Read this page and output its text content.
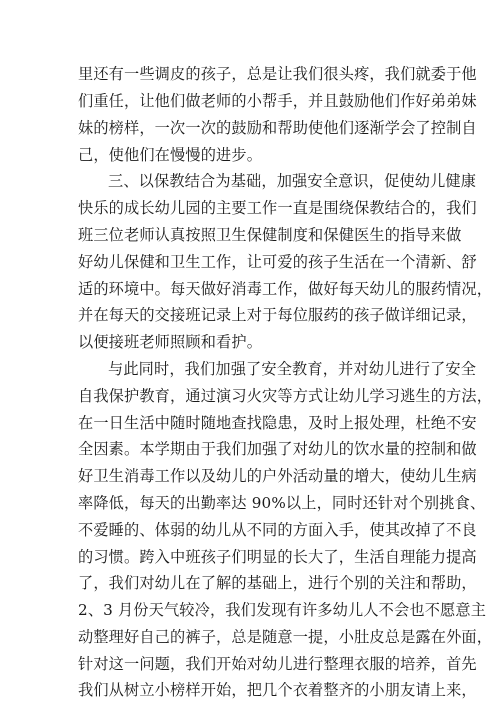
里还有一些调皮的孩子，总是让我们很头疼，我们就委于他
们重任，让他们做老师的小帮手，并且鼓励他们作好弟弟妹
妹的榜样，一次一次的鼓励和帮助使他们逐渐学会了控制自
己，使他们在慢慢的进步。
三、以保教结合为基础，加强安全意识，促使幼儿健康
快乐的成长幼儿园的主要工作一直是围绕保教结合的，我们
班三位老师认真按照卫生保健制度和保健医生的指导来做
好幼儿保健和卫生工作，让可爱的孩子生活在一个清新、舒
适的环境中。每天做好消毒工作，做好每天幼儿的服药情况，
并在每天的交接班记录上对于每位服药的孩子做详细记录，
以便接班老师照顾和看护。
与此同时，我们加强了安全教育，并对幼儿进行了安全
自我保护教育，通过演习火灾等方式让幼儿学习逃生的方法，
在一日生活中随时随地查找隐患，及时上报处理，杜绝不安
全因素。本学期由于我们加强了对幼儿的饮水量的控制和做
好卫生消毒工作以及幼儿的户外活动量的增大，使幼儿生病
率降低，每天的出勤率达 90%以上，同时还针对个别挑食、
不爱睡的、体弱的幼儿从不同的方面入手，使其改掉了不良
的习惯。跨入中班孩子们明显的长大了，生活自理能力提高
了，我们对幼儿在了解的基础上，进行个别的关注和帮助，
2、3 月份天气较冷，我们发现有许多幼儿人不会也不愿意主
动整理好自己的裤子，总是随意一提，小肚皮总是露在外面，
针对这一问题，我们开始对幼儿进行整理衣服的培养，首先
我们从树立小榜样开始，把几个衣着整齐的小朋友请上来，
